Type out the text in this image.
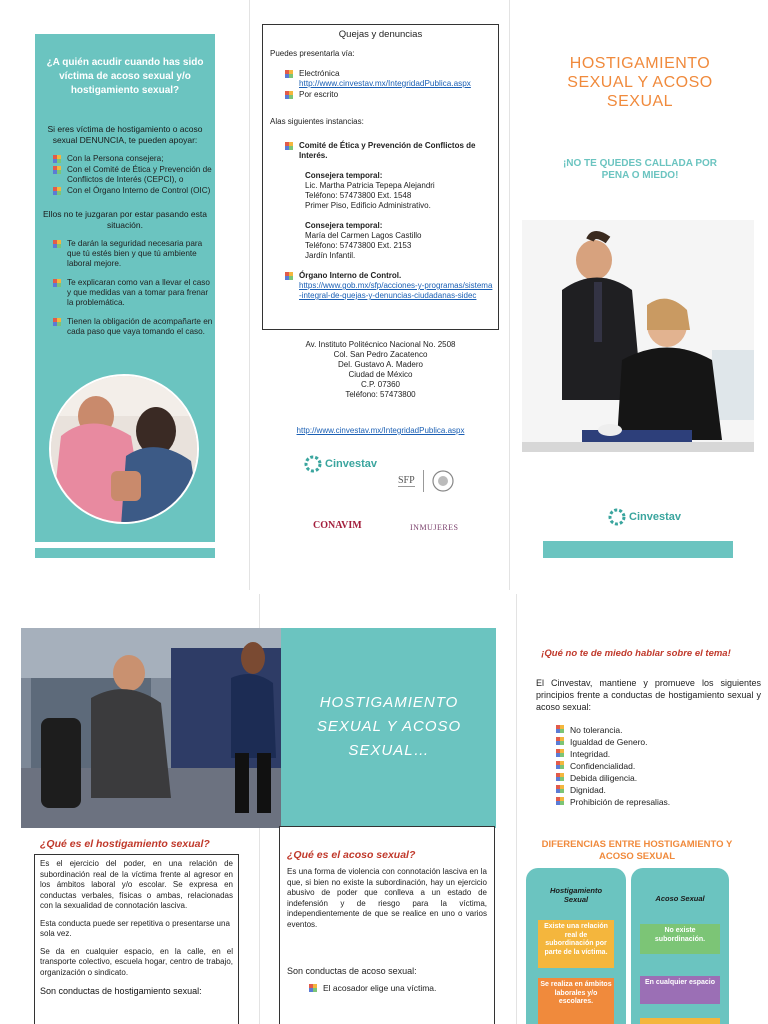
¿A quién acudir cuando has sido víctima de acoso sexual y/o hostigamiento sexual?
Si eres víctima de hostigamiento o acoso sexual DENUNCIA, te pueden apoyar:
Con la Persona consejera;
Con el Comité de Ética y Prevención de Conflictos de Interés (CEPCI), o
Con el Órgano Interno de Control (OIC)
Ellos no te juzgaran por estar pasando esta situación.
Te darán la seguridad necesaria para que tú estés bien y que tú ambiente laboral mejore.
Te explicaran como van a llevar el caso y que medidas van a tomar para frenar la problemática.
Tienen la obligación de acompañarte en cada paso que vaya tomando el caso.
Quejas y denuncias
Puedes presentarla vía:
Electrónica
http://www.cinvestav.mx/IntegridadPublica.aspx
Por escrito
Alas siguientes instancias:
Comité de Ética y Prevención de Conflictos de Interés.
Consejera temporal:
Lic. Martha Patricia Tepepa Alejandri
Teléfono: 57473800 Ext. 1548
Primer Piso, Edificio Administrativo.
Consejera temporal:
María del Carmen Lagos Castillo
Teléfono: 57473800 Ext. 2153
Jardín Infantil.
Órgano Interno de Control.
https://www.gob.mx/sfp/acciones-y-programas/sistema-integral-de-quejas-y-denuncias-ciudadanas-sidec
Av. Instituto Politécnico Nacional No. 2508
Col. San Pedro Zacatenco
Del. Gustavo A. Madero
Ciudad de México
C.P. 07360
Teléfono: 57473800
http://www.cinvestav.mx/IntegridadPublica.aspx
Cinvestav
SFP
CONAVIM	INMUJERES
HOSTIGAMIENTO SEXUAL Y ACOSO SEXUAL
¡NO TE QUEDES CALLADA POR PENA O MIEDO!
Cinvestav
HOSTIGAMIENTO SEXUAL Y ACOSO SEXUAL…
¿Qué es el hostigamiento sexual?

Es el ejercicio del poder, en una relación de subordinación real de la víctima frente al agresor en los ámbitos laboral y/o escolar. Se expresa en conductas verbales, físicas o ambas, relacionadas con la sexualidad de connotación lasciva.

Esta conducta puede ser repetitiva o presentarse una sola vez.

Se da en cualquier espacio, en la calle, en el transporte colectivo, escuela hogar, centro de trabajo, organización o sindicato.

Son conductas de hostigamiento sexual:

¿Qué es el acoso sexual?

Es una forma de violencia con connotación lasciva en la que, si bien no existe la subordinación, hay un ejercicio abusivo de poder que conlleva a un estado de indefensión y de riesgo para la víctima, independientemente de que se realice en uno o varios eventos.

Son conductas de acoso sexual:

El acosador elige una víctima.
¡Qué no te de miedo hablar sobre el tema!
El Cinvestav, mantiene y promueve los siguientes principios frente a conductas de hostigamiento sexual y acoso sexual:
No tolerancia.
Igualdad de Genero.
Integridad.
Confidencialidad.
Debida diligencia.
Dignidad.
Prohibición de represalias.
DIFERENCIAS ENTRE HOSTIGAMIENTO Y ACOSO SEXUAL
Hostigamiento Sexual
Existe una relación real de subordinación por parte de la víctima.
Se realiza en ámbitos laborales y/o escolares.
Acoso Sexual
No existe subordinación.
En cualquier espacio
